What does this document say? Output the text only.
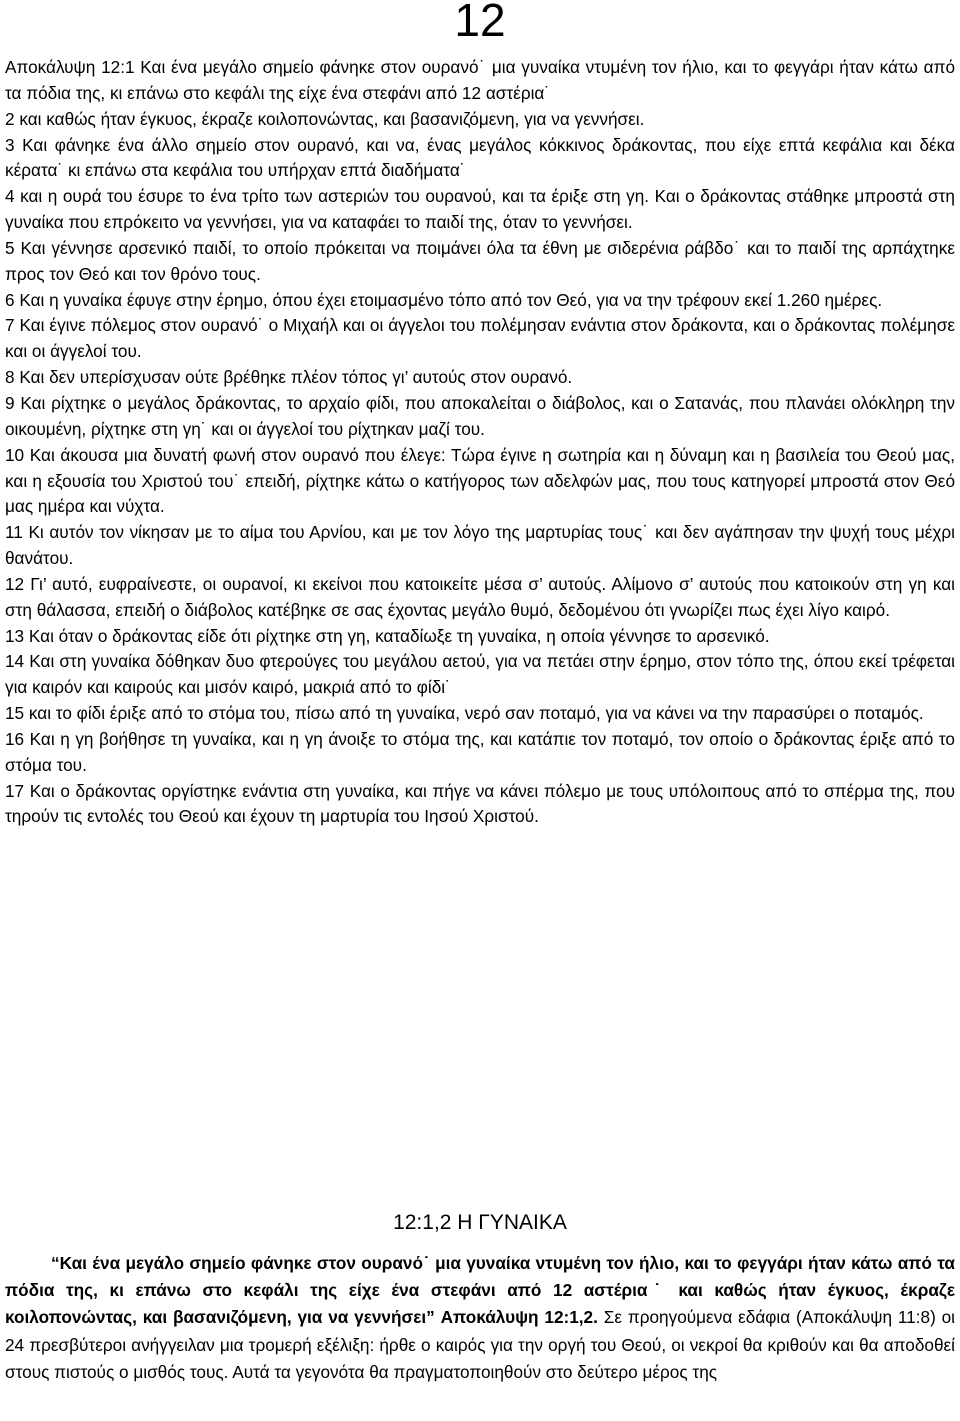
12

Αποκάλυψη 12:1 Και ένα μεγάλο σημείο φάνηκε στον ουρανό˙ μια γυναίκα ντυμένη τον ήλιο, και το φεγγάρι ήταν κάτω από τα πόδια της, κι επάνω στο κεφάλι της είχε ένα στεφάνι από 12 αστέρια˙

2 και καθώς ήταν έγκυος, έκραζε κοιλοπονώντας, και βασανιζόμενη, για να γεννήσει.

3 Και φάνηκε ένα άλλο σημείο στον ουρανό, και να, ένας μεγάλος κόκκινος δράκοντας, που είχε επτά κεφάλια και δέκα κέρατα˙ κι επάνω στα κεφάλια του υπήρχαν επτά διαδήματα˙

4 και η ουρά του έσυρε το ένα τρίτο των αστεριών του ουρανού, και τα έριξε στη γη. Και ο δράκοντας στάθηκε μπροστά στη γυναίκα που επρόκειτο να γεννήσει, για να καταφάει το παιδί της, όταν το γεννήσει.

5 Και γέννησε αρσενικό παιδί, το οποίο πρόκειται να ποιμάνει όλα τα έθνη με σιδερένια ράβδο˙ και το παιδί της αρπάχτηκε προς τον Θεό και τον θρόνο τους.

6 Και η γυναίκα έφυγε στην έρημο, όπου έχει ετοιμασμένο τόπο από τον Θεό, για να την τρέφουν εκεί 1.260 ημέρες.

7 Και έγινε πόλεμος στον ουρανό˙ ο Μιχαήλ και οι άγγελοι του πολέμησαν ενάντια στον δράκοντα, και ο δράκοντας πολέμησε και οι άγγελοί του.

8 Και δεν υπερίσχυσαν ούτε βρέθηκε πλέον τόπος γι’ αυτούς στον ουρανό.

9 Και ρίχτηκε ο μεγάλος δράκοντας, το αρχαίο φίδι, που αποκαλείται ο διάβολος, και ο Σατανάς, που πλανάει ολόκληρη την οικουμένη, ρίχτηκε στη γη˙ και οι άγγελοί του ρίχτηκαν μαζί του.

10 Και άκουσα μια δυνατή φωνή στον ουρανό που έλεγε: Τώρα έγινε η σωτηρία και η δύναμη και η βασιλεία του Θεού μας, και η εξουσία του Χριστού του˙ επειδή, ρίχτηκε κάτω ο κατήγορος των αδελφών μας, που τους κατηγορεί μπροστά στον Θεό μας ημέρα και νύχτα.

11 Κι αυτόν τον νίκησαν με το αίμα του Αρνίου, και με τον λόγο της μαρτυρίας τους˙ και δεν αγάπησαν την ψυχή τους μέχρι θανάτου.

12 Γι’ αυτό, ευφραίνεστε, οι ουρανοί, κι εκείνοι που κατοικείτε μέσα σ’ αυτούς. Αλίμονο σ’ αυτούς που κατοικούν στη γη και στη θάλασσα, επειδή ο διάβολος κατέβηκε σε σας έχοντας μεγάλο θυμό, δεδομένου ότι γνωρίζει πως έχει λίγο καιρό.

13 Και όταν ο δράκοντας είδε ότι ρίχτηκε στη γη, καταδίωξε τη γυναίκα, η οποία γέννησε το αρσενικό.

14 Και στη γυναίκα δόθηκαν δυο φτερούγες του μεγάλου αετού, για να πετάει στην έρημο, στον τόπο της, όπου εκεί τρέφεται για καιρόν και καιρούς και μισόν καιρό, μακριά από το φίδι˙

15 και το φίδι έριξε από το στόμα του, πίσω από τη γυναίκα, νερό σαν ποταμό, για να κάνει να την παρασύρει ο ποταμός.

16 Και η γη βοήθησε τη γυναίκα, και η γη άνοιξε το στόμα της, και κατάπιε τον ποταμό, τον οποίο ο δράκοντας έριξε από το στόμα του.

17 Και ο δράκοντας οργίστηκε ενάντια στη γυναίκα, και πήγε να κάνει πόλεμο με τους υπόλοιπους από το σπέρμα της, που τηρούν τις εντολές του Θεού και έχουν τη μαρτυρία του Ιησού Χριστού.

12:1,2 Η ΓΥΝΑΙΚΑ

“Και ένα μεγάλο σημείο φάνηκε στον ουρανό˙ μια γυναίκα ντυμένη τον ήλιο, και το φεγγάρι ήταν κάτω από τα πόδια της, κι επάνω στο κεφάλι της είχε ένα στεφάνι από 12 αστέρια˙ και καθώς ήταν έγκυος, έκραζε κοιλοπονώντας, και βασανιζόμενη, για να γεννήσει” Αποκάλυψη 12:1,2. Σε προηγούμενα εδάφια (Αποκάλυψη 11:8) οι 24 πρεσβύτεροι ανήγγειλαν μια τρομερή εξέλιξη: ήρθε ο καιρός για την οργή του Θεού, οι νεκροί θα κριθούν και θα αποδοθεί στους πιστούς ο μισθός τους. Αυτά τα γεγονότα θα πραγματοποιηθούν στο δεύτερο μέρος της
